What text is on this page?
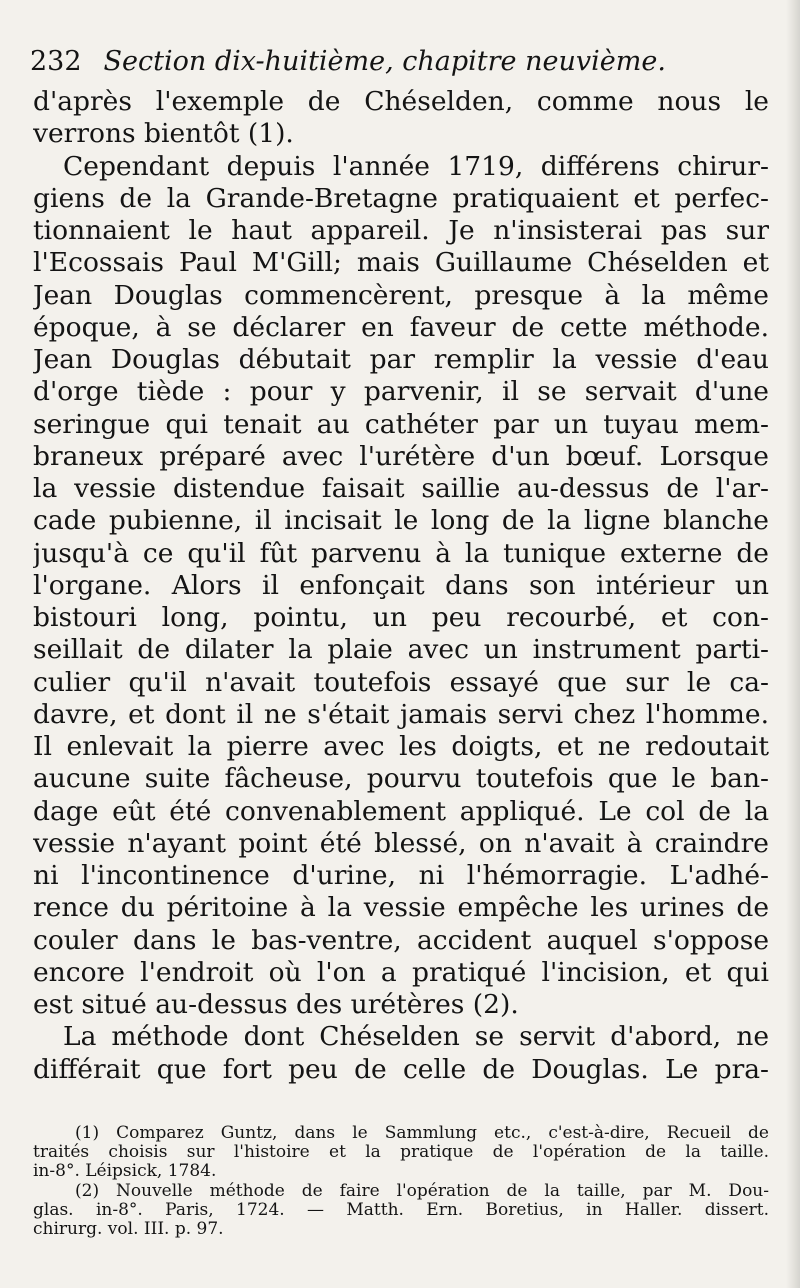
232 Section dix-huitième, chapitre neuvième.
d'après l'exemple de Chéselden, comme nous le
verrons bientôt (1).
Cependant depuis l'année 1719, différens chirur-
giens de la Grande-Bretagne pratiquaient et perfec-
tionnaient le haut appareil. Je n'insisterai pas sur
l'Ecossais Paul M'Gill; mais Guillaume Chéselden et
Jean Douglas commencèrent, presque à la même
époque, à se déclarer en faveur de cette méthode.
Jean Douglas débutait par remplir la vessie d'eau
d'orge tiède : pour y parvenir, il se servait d'une
seringue qui tenait au cathéter par un tuyau mem-
braneux préparé avec l'urétère d'un bœuf. Lorsque
la vessie distendue faisait saillie au-dessus de l'ar-
cade pubienne, il incisait le long de la ligne blanche
jusqu'à ce qu'il fût parvenu à la tunique externe de
l'organe. Alors il enfonçait dans son intérieur un
bistouri long, pointu, un peu recourbé, et con-
seillait de dilater la plaie avec un instrument parti-
culier qu'il n'avait toutefois essayé que sur le ca-
davre, et dont il ne s'était jamais servi chez l'homme.
Il enlevait la pierre avec les doigts, et ne redoutait
aucune suite fâcheuse, pourvu toutefois que le ban-
dage eût été convenablement appliqué. Le col de la
vessie n'ayant point été blessé, on n'avait à craindre
ni l'incontinence d'urine, ni l'hémorragie. L'adhé-
rence du péritoine à la vessie empêche les urines de
couler dans le bas-ventre, accident auquel s'oppose
encore l'endroit où l'on a pratiqué l'incision, et qui
est situé au-dessus des urétères (2).
La méthode dont Chéselden se servit d'abord, ne
différait que fort peu de celle de Douglas. Le pra-
(1) Comparez Guntz, dans le Sammlung etc., c'est-à-dire, Recueil de
traités choisis sur l'histoire et la pratique de l'opération de la taille.
in-8°. Léipsick, 1784.
(2) Nouvelle méthode de faire l'opération de la taille, par M. Dou-
glas. in-8°. Paris, 1724. — Matth. Ern. Boretius, in Haller. dissert.
chirurg. vol. III. p. 97.
